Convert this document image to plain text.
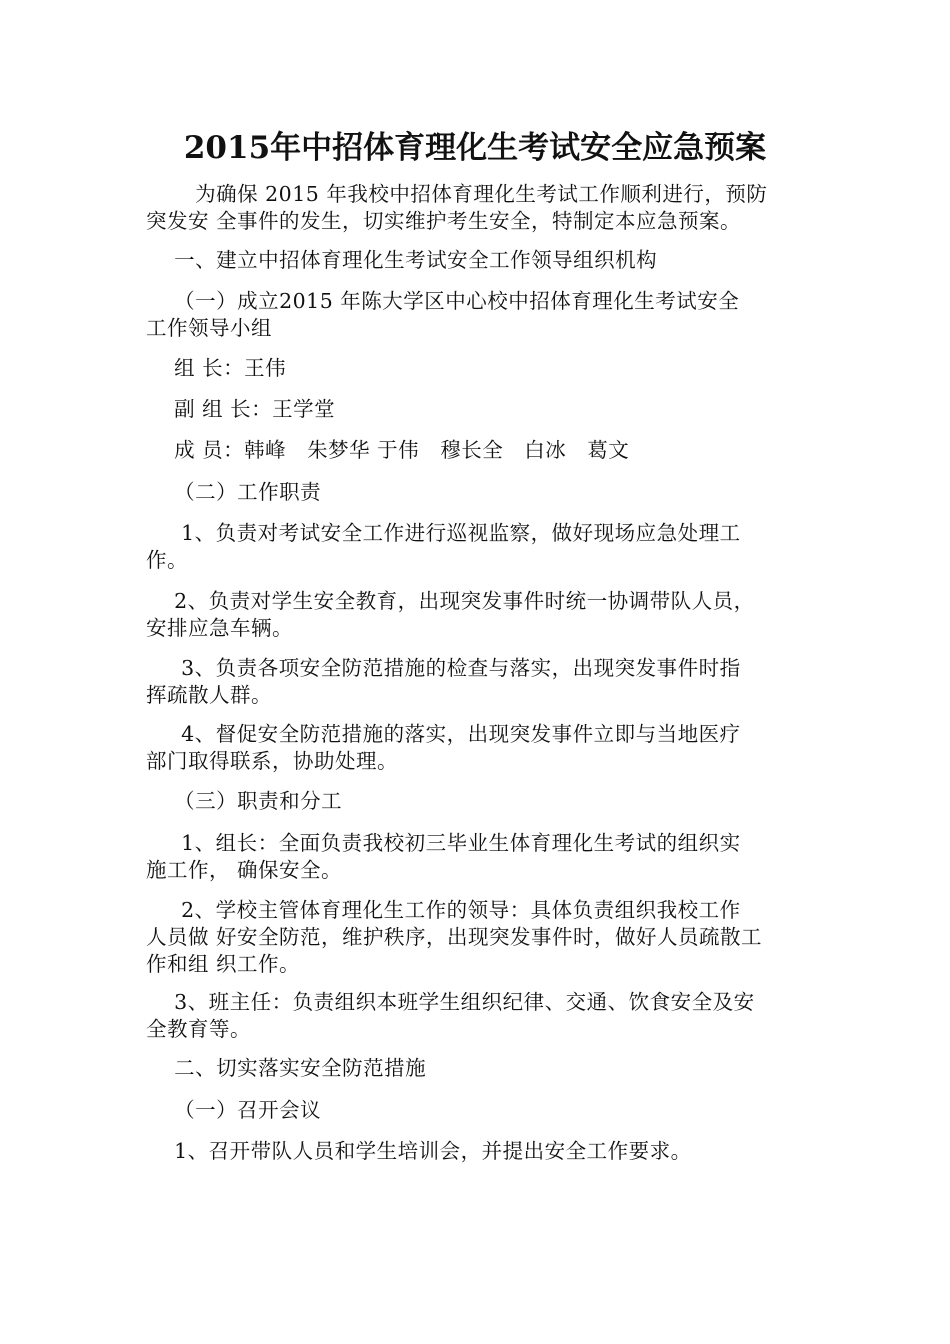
2015年中招体育理化生考试安全应急预案
为确保 2015 年我校中招体育理化生考试工作顺利进行，预防
突发安 全事件的发生，切实维护考生安全，特制定本应急预案。
一、建立中招体育理化生考试安全工作领导组织机构
（一）成立2015 年陈大学区中心校中招体育理化生考试安全
工作领导小组
组 长：王伟
副 组 长：王学堂
成 员：韩峰   朱梦华 于伟   穆长全   白冰   葛文
（二）工作职责
1、负责对考试安全工作进行巡视监察，做好现场应急处理工
作。
2、负责对学生安全教育，出现突发事件时统一协调带队人员，
安排应急车辆。
3、负责各项安全防范措施的检查与落实，出现突发事件时指
挥疏散人群。
4、督促安全防范措施的落实，出现突发事件立即与当地医疗
部门取得联系，协助处理。
（三）职责和分工
1、组长：全面负责我校初三毕业生体育理化生考试的组织实
施工作， 确保安全。
2、学校主管体育理化生工作的领导：具体负责组织我校工作
人员做 好安全防范，维护秩序，出现突发事件时，做好人员疏散工
作和组 织工作。
3、班主任：负责组织本班学生组织纪律、交通、饮食安全及安
全教育等。
二、切实落实安全防范措施
（一）召开会议
1、召开带队人员和学生培训会，并提出安全工作要求。
